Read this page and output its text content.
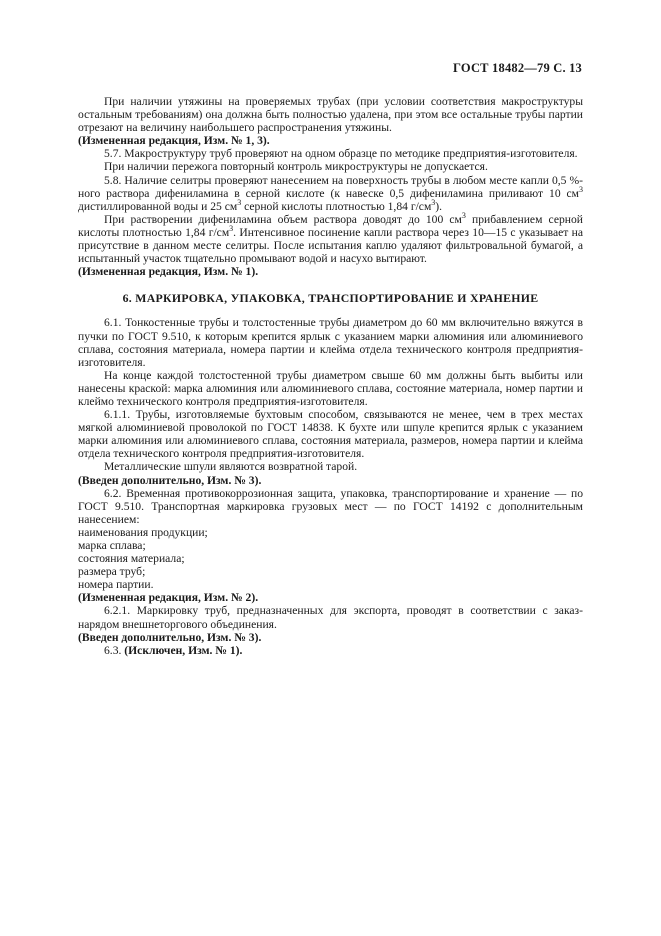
ГОСТ 18482—79 С. 13

При наличии утяжины на проверяемых трубах (при условии соответствия макроструктуры остальным требованиям) она должна быть полностью удалена, при этом все остальные трубы партии отрезают на величину наибольшего распространения утяжины.

(Измененная редакция, Изм. № 1, 3).

5.7. Макроструктуру труб проверяют на одном образце по методике предприятия-изготовителя.

При наличии пережога повторный контроль микроструктуры не допускается.

5.8. Наличие селитры проверяют нанесением на поверхность трубы в любом месте капли 0,5 %-ного раствора дифениламина в серной кислоте (к навеске 0,5 дифениламина приливают 10 $см^3$ дистиллированной воды и 25 $см^3$ серной кислоты плотностью 1,84 $г/см^3$).

При растворении дифениламина объем раствора доводят до 100 $см^3$ прибавлением серной кислоты плотностью 1,84 $г/см^3$. Интенсивное посинение капли раствора через 10—15 с указывает на присутствие в данном месте селитры. После испытания каплю удаляют фильтровальной бумагой, а испытанный участок тщательно промывают водой и насухо вытирают.

(Измененная редакция, Изм. № 1).

6. МАРКИРОВКА, УПАКОВКА, ТРАНСПОРТИРОВАНИЕ И ХРАНЕНИЕ

6.1. Тонкостенные трубы и толстостенные трубы диаметром до 60 мм включительно вяжутся в пучки по ГОСТ 9.510, к которым крепится ярлык с указанием марки алюминия или алюминиевого сплава, состояния материала, номера партии и клейма отдела технического контроля предприятия-изготовителя.

На конце каждой толстостенной трубы диаметром свыше 60 мм должны быть выбиты или нанесены краской: марка алюминия или алюминиевого сплава, состояние материала, номер партии и клеймо технического контроля предприятия-изготовителя.

6.1.1. Трубы, изготовляемые бухтовым способом, связываются не менее, чем в трех местах мягкой алюминиевой проволокой по ГОСТ 14838. К бухте или шпуле крепится ярлык с указанием марки алюминия или алюминиевого сплава, состояния материала, размеров, номера партии и клейма отдела технического контроля предприятия-изготовителя.

Металлические шпули являются возвратной тарой.

(Введен дополнительно, Изм. № 3).

6.2. Временная противокоррозионная защита, упаковка, транспортирование и хранение — по ГОСТ 9.510. Транспортная маркировка грузовых мест — по ГОСТ 14192 с дополнительным нанесением:

наименования продукции;

марка сплава;

состояния материала;

размера труб;

номера партии.

(Измененная редакция, Изм. № 2).

6.2.1. Маркировку труб, предназначенных для экспорта, проводят в соответствии с заказ-нарядом внешнеторгового объединения.

(Введен дополнительно, Изм. № 3).

6.3. (Исключен, Изм. № 1).
